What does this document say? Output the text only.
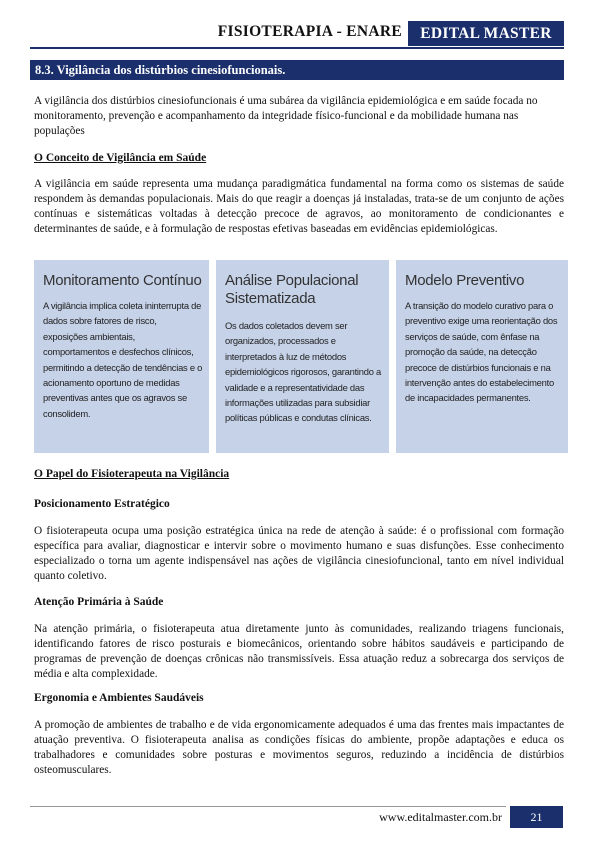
FISIOTERAPIA - ENARE	EDITAL MASTER
8.3. Vigilância dos distúrbios cinesiofuncionais.

A vigilância dos distúrbios cinesiofuncionais é uma subárea da vigilância epidemiológica e em saúde focada no monitoramento, prevenção e acompanhamento da integridade físico-funcional e da mobilidade humana nas populações

O Conceito de Vigilância em Saúde

A vigilância em saúde representa uma mudança paradigmática fundamental na forma como os sistemas de saúde respondem às demandas populacionais. Mais do que reagir a doenças já instaladas, trata-se de um conjunto de ações contínuas e sistemáticas voltadas à detecção precoce de agravos, ao monitoramento de condicionantes e determinantes de saúde, e à formulação de respostas efetivas baseadas em evidências epidemiológicas.

Monitoramento Contínuo
A vigilância implica coleta ininterrupta de dados sobre fatores de risco, exposições ambientais, comportamentos e desfechos clínicos, permitindo a detecção de tendências e o acionamento oportuno de medidas preventivas antes que os agravos se consolidem.
Análise Populacional Sistematizada
Os dados coletados devem ser organizados, processados e interpretados à luz de métodos epidemiológicos rigorosos, garantindo a validade e a representatividade das informações utilizadas para subsidiar políticas públicas e condutas clínicas.
Modelo Preventivo
A transição do modelo curativo para o preventivo exige uma reorientação dos serviços de saúde, com ênfase na promoção da saúde, na detecção precoce de distúrbios funcionais e na intervenção antes do estabelecimento de incapacidades permanentes.

O Papel do Fisioterapeuta na Vigilância

Posicionamento Estratégico

O fisioterapeuta ocupa uma posição estratégica única na rede de atenção à saúde: é o profissional com formação específica para avaliar, diagnosticar e intervir sobre o movimento humano e suas disfunções. Esse conhecimento especializado o torna um agente indispensável nas ações de vigilância cinesiofuncional, tanto em nível individual quanto coletivo.

Atenção Primária à Saúde

Na atenção primária, o fisioterapeuta atua diretamente junto às comunidades, realizando triagens funcionais, identificando fatores de risco posturais e biomecânicos, orientando sobre hábitos saudáveis e participando de programas de prevenção de doenças crônicas não transmissíveis. Essa atuação reduz a sobrecarga dos serviços de média e alta complexidade.

Ergonomia e Ambientes Saudáveis

A promoção de ambientes de trabalho e de vida ergonomicamente adequados é uma das frentes mais impactantes de atuação preventiva. O fisioterapeuta analisa as condições físicas do ambiente, propõe adaptações e educa os trabalhadores e comunidades sobre posturas e movimentos seguros, reduzindo a incidência de distúrbios osteomusculares.

www.editalmaster.com.br	21
